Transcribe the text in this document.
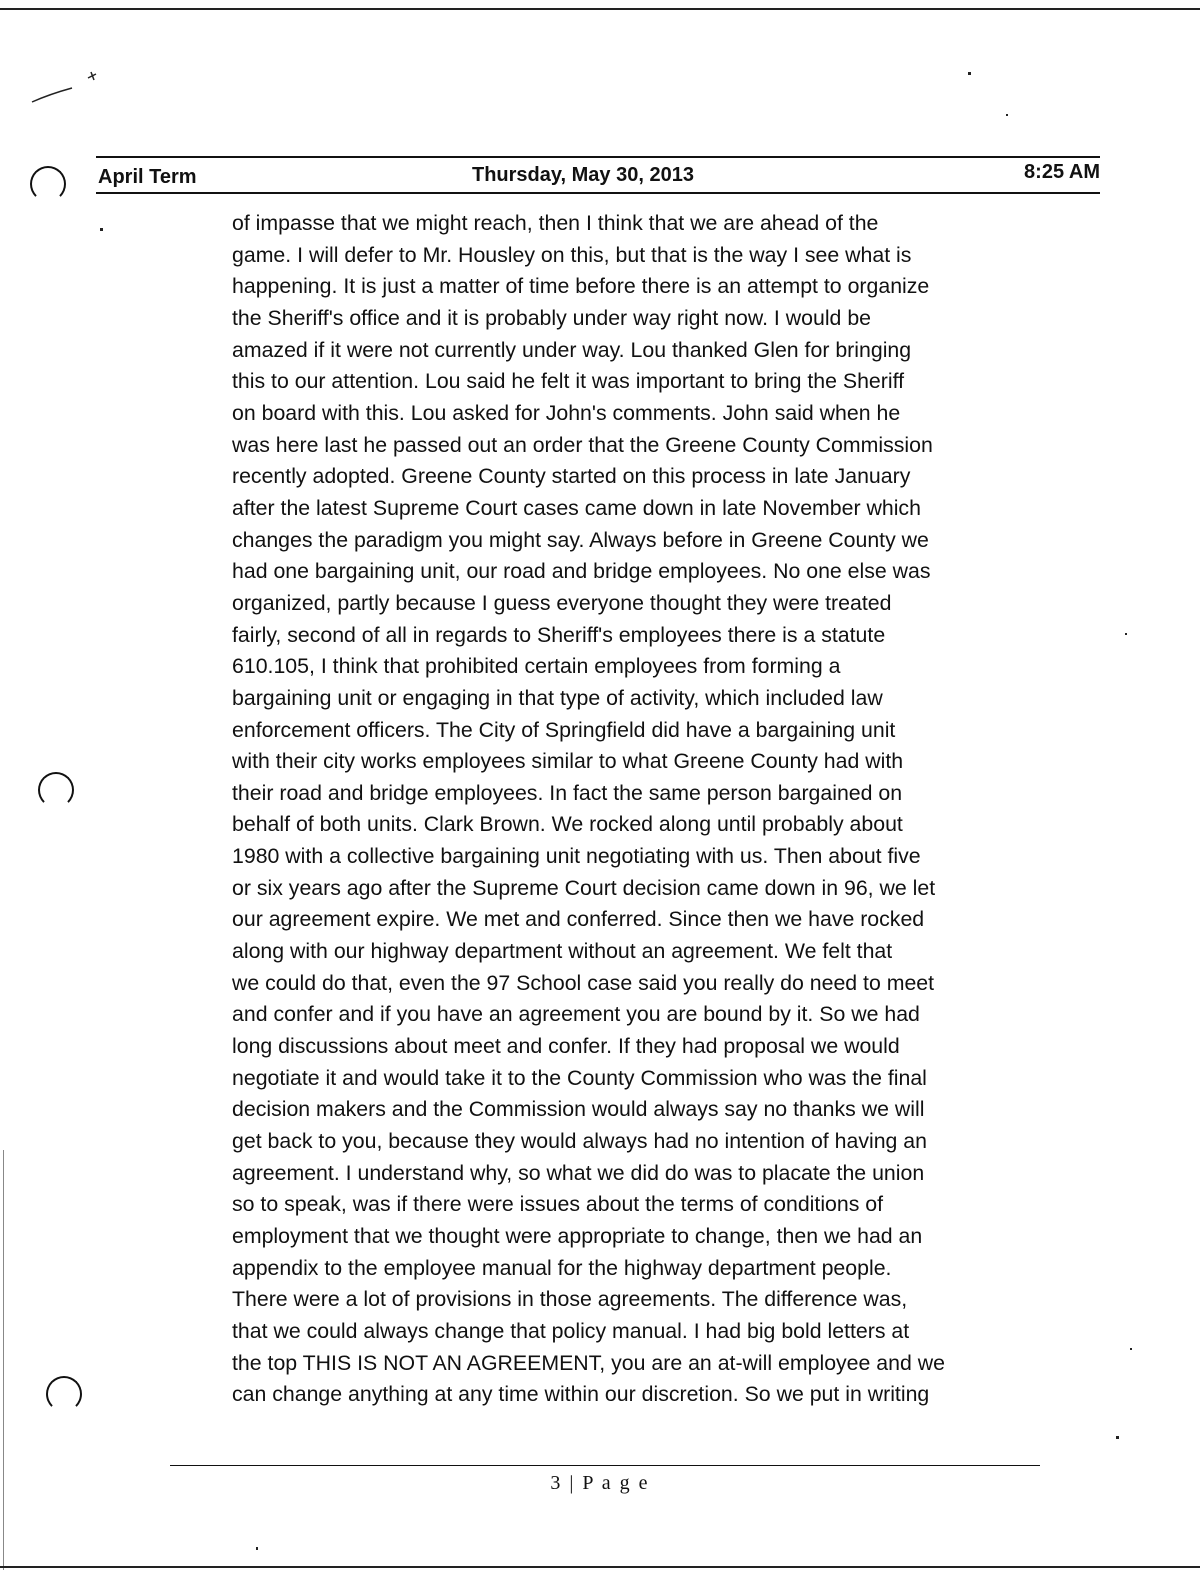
April Term	Thursday, May 30, 2013	8:25 AM
of impasse that we might reach, then I think that we are ahead of the
game. I will defer to Mr. Housley on this, but that is the way I see what is
happening. It is just a matter of time before there is an attempt to organize
the Sheriff's office and it is probably under way right now. I would be
amazed if it were not currently under way. Lou thanked Glen for bringing
this to our attention. Lou said he felt it was important to bring the Sheriff
on board with this. Lou asked for John's comments. John said when he
was here last he passed out an order that the Greene County Commission
recently adopted. Greene County started on this process in late January
after the latest Supreme Court cases came down in late November which
changes the paradigm you might say. Always before in Greene County we
had one bargaining unit, our road and bridge employees. No one else was
organized, partly because I guess everyone thought they were treated
fairly, second of all in regards to Sheriff's employees there is a statute
610.105, I think that prohibited certain employees from forming a
bargaining unit or engaging in that type of activity, which included law
enforcement officers. The City of Springfield did have a bargaining unit
with their city works employees similar to what Greene County had with
their road and bridge employees. In fact the same person bargained on
behalf of both units. Clark Brown. We rocked along until probably about
1980 with a collective bargaining unit negotiating with us. Then about five
or six years ago after the Supreme Court decision came down in 96, we let
our agreement expire. We met and conferred. Since then we have rocked
along with our highway department without an agreement. We felt that
we could do that, even the 97 School case said you really do need to meet
and confer and if you have an agreement you are bound by it. So we had
long discussions about meet and confer. If they had proposal we would
negotiate it and would take it to the County Commission who was the final
decision makers and the Commission would always say no thanks we will
get back to you, because they would always had no intention of having an
agreement. I understand why, so what we did do was to placate the union
so to speak, was if there were issues about the terms of conditions of
employment that we thought were appropriate to change, then we had an
appendix to the employee manual for the highway department people.
There were a lot of provisions in those agreements. The difference was,
that we could always change that policy manual. I had big bold letters at
the top THIS IS NOT AN AGREEMENT, you are an at-will employee and we
can change anything at any time within our discretion. So we put in writing
3 | P a g e
